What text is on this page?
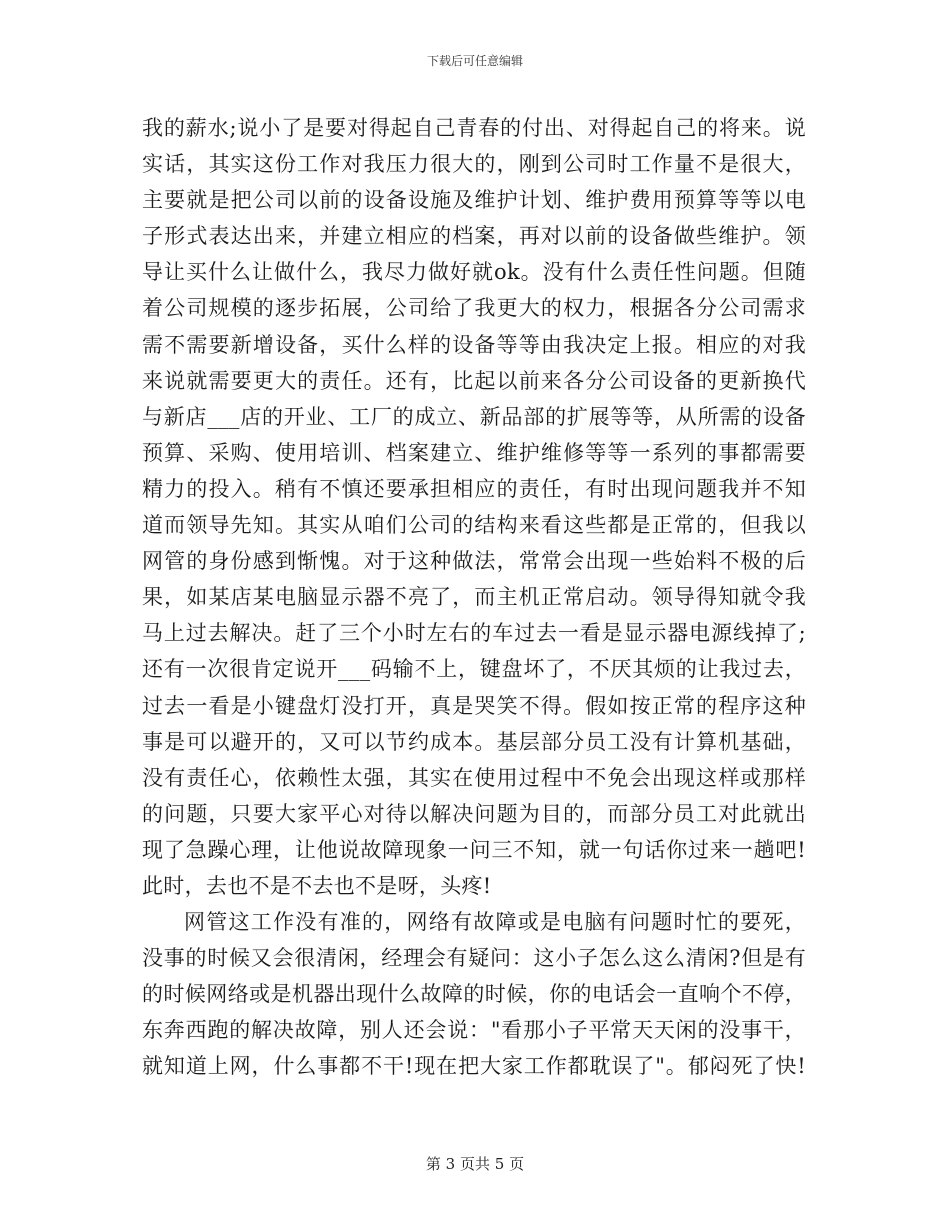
下载后可任意编辑
我的薪水;说小了是要对得起自己青春的付出、对得起自己的将来。说
实话，其实这份工作对我压力很大的，刚到公司时工作量不是很大，
主要就是把公司以前的设备设施及维护计划、维护费用预算等等以电
子形式表达出来，并建立相应的档案，再对以前的设备做些维护。领
导让买什么让做什么，我尽力做好就ok。没有什么责任性问题。但随
着公司规模的逐步拓展，公司给了我更大的权力，根据各分公司需求
需不需要新增设备，买什么样的设备等等由我决定上报。相应的对我
来说就需要更大的责任。还有，比起以前来各分公司设备的更新换代
与新店___店的开业、工厂的成立、新品部的扩展等等，从所需的设备
预算、采购、使用培训、档案建立、维护维修等等一系列的事都需要
精力的投入。稍有不慎还要承担相应的责任，有时出现问题我并不知
道而领导先知。其实从咱们公司的结构来看这些都是正常的，但我以
网管的身份感到惭愧。对于这种做法，常常会出现一些始料不极的后
果，如某店某电脑显示器不亮了，而主机正常启动。领导得知就令我
马上过去解决。赶了三个小时左右的车过去一看是显示器电源线掉了;
还有一次很肯定说开___码输不上，键盘坏了，不厌其烦的让我过去，
过去一看是小键盘灯没打开，真是哭笑不得。假如按正常的程序这种
事是可以避开的，又可以节约成本。基层部分员工没有计算机基础，
没有责任心，依赖性太强，其实在使用过程中不免会出现这样或那样
的问题，只要大家平心对待以解决问题为目的，而部分员工对此就出
现了急躁心理，让他说故障现象一问三不知，就一句话你过来一趟吧!
此时，去也不是不去也不是呀，头疼!
网管这工作没有准的，网络有故障或是电脑有问题时忙的要死，
没事的时候又会很清闲，经理会有疑问：这小子怎么这么清闲?但是有
的时候网络或是机器出现什么故障的时候，你的电话会一直响个不停，
东奔西跑的解决故障，别人还会说："看那小子平常天天闲的没事干，
就知道上网，什么事都不干!现在把大家工作都耽误了"。郁闷死了快!
第 3 页共 5 页
